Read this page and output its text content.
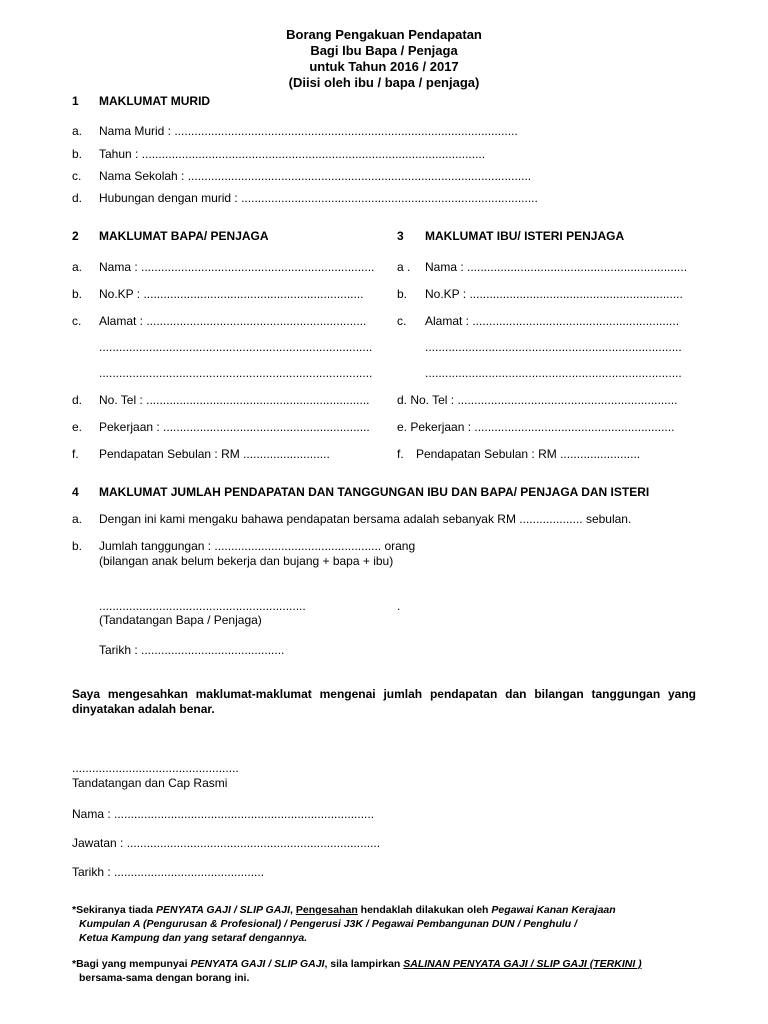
Borang Pengakuan Pendapatan
Bagi Ibu Bapa / Penjaga
untuk Tahun 2016 / 2017
(Diisi oleh ibu / bapa / penjaga)
1 MAKLUMAT MURID
a. Nama Murid : .......................................................................................................
b. Tahun : .......................................................................................................
c. Nama Sekolah : .......................................................................................................
d. Hubungan dengan murid : .........................................................................................
2 MAKLUMAT BAPA/ PENJAGA	3 MAKLUMAT IBU/ ISTERI PENJAGA
a. Nama : ......................................................................
b. No.KP : ..................................................................
c. Alamat : ..................................................................
..................................................................................
..................................................................................
d. No. Tel : ...................................................................
e. Pekerjaan : ..............................................................
f. Pendapatan Sebulan : RM ..........................
a . Nama : ..................................................................
b. No.KP : ................................................................
c. Alamat : ..............................................................
.............................................................................
.............................................................................
d. No. Tel : ..................................................................
e. Pekerjaan : ............................................................
f. Pendapatan Sebulan : RM ........................
4 MAKLUMAT JUMLAH PENDAPATAN DAN TANGGUNGAN IBU DAN BAPA/ PENJAGA DAN ISTERI
a. Dengan ini kami mengaku bahawa pendapatan bersama adalah sebanyak RM ................... sebulan.
b. Jumlah tanggungan : .................................................. orang
(bilangan anak belum bekerja dan bujang + bapa + ibu)
..............................................................	.
(Tandatangan Bapa / Penjaga)
Tarikh : ...........................................
Saya mengesahkan maklumat-maklumat mengenai jumlah pendapatan dan bilangan tanggungan yang
dinyatakan adalah benar.
..................................................
Tandatangan dan Cap Rasmi
Nama : ..............................................................................
Jawatan : ............................................................................
Tarikh : .............................................
*Sekiranya tiada PENYATA GAJI / SLIP GAJI, Pengesahan hendaklah dilakukan oleh Pegawai Kanan Kerajaan
Kumpulan A (Pengurusan & Profesional) / Pengerusi J3K / Pegawai Pembangunan DUN / Penghulu /
Ketua Kampung dan yang setaraf dengannya.
*Bagi yang mempunyai PENYATA GAJI / SLIP GAJI, sila lampirkan SALINAN PENYATA GAJI / SLIP GAJI (TERKINI )
bersama-sama dengan borang ini.
